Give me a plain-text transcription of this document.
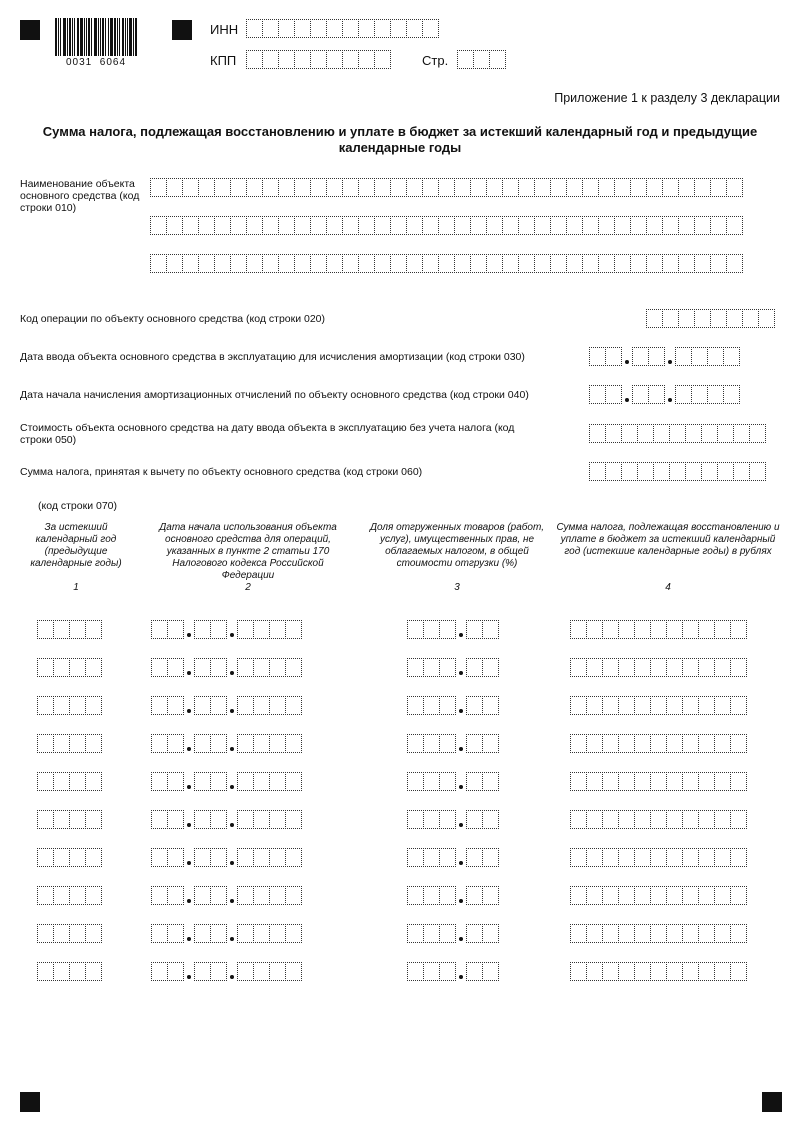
0031  6064
ИНН
КПП	Стр.
Приложение 1 к разделу 3 декларации
Сумма налога, подлежащая восстановлению и уплате в бюджет за истекший календарный год и предыдущие календарные годы
Наименование объекта основного средства (код строки 010)
Код операции по объекту основного средства (код строки 020)
Дата ввода объекта основного средства в эксплуатацию для исчисления амортизации (код строки 030)
Дата начала начисления амортизационных отчислений по объекту основного средства (код строки 040)
Стоимость объекта основного средства на дату ввода объекта в эксплуатацию без учета налога (код строки 050)
Сумма налога, принятая к вычету по объекту основного средства (код строки 060)
(код строки 070)
За истекший календарный год (предыдущие календарные годы)
1
Дата начала использования объекта основного средства для операций, указанных в пункте 2 статьи 170 Налогового кодекса Российской Федерации
2
Доля отгруженных товаров (работ, услуг), имущественных прав, не облагаемых налогом, в общей стоимости отгрузки (%)
3
Сумма налога, подлежащая восстановлению и уплате в бюджет за истекший календарный год (истекшие календарные годы) в рублях
4
